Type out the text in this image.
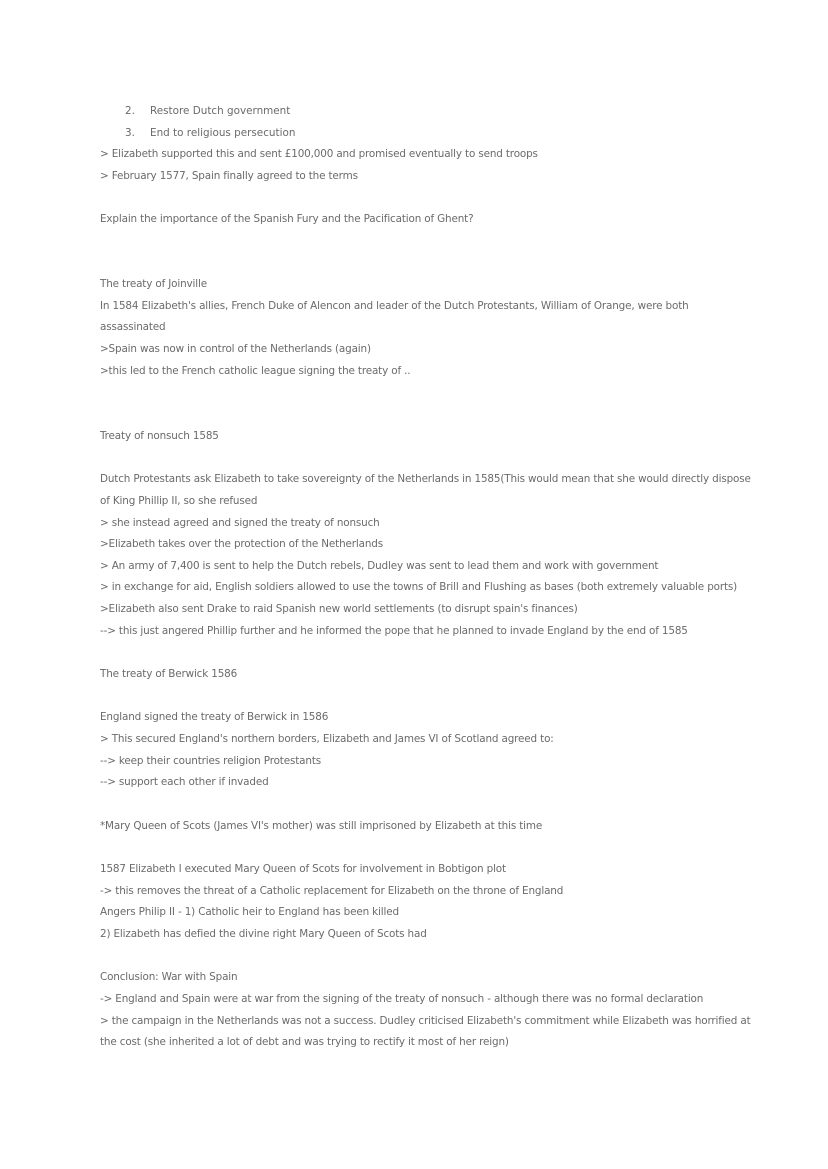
2. Restore Dutch government
3. End to religious persecution
> Elizabeth supported this and sent £100,000 and promised eventually to send troops
> February 1577, Spain finally agreed to the terms
Explain the importance of the Spanish Fury and the Pacification of Ghent?
The treaty of Joinville
In 1584 Elizabeth's allies, French Duke of Alencon and leader of the Dutch Protestants, William of Orange, were both
assassinated
>Spain was now in control of the Netherlands (again)
>this led to the French catholic league signing the treaty of ..
Treaty of nonsuch 1585
Dutch Protestants ask Elizabeth to take sovereignty of the Netherlands in 1585(This would mean that she would directly dispose
of King Phillip II, so she refused
> she instead agreed and signed the treaty of nonsuch
>Elizabeth takes over the protection of the Netherlands
> An army of 7,400 is sent to help the Dutch rebels, Dudley was sent to lead them and work with government
> in exchange for aid, English soldiers allowed to use the towns of Brill and Flushing as bases (both extremely valuable ports)
>Elizabeth also sent Drake to raid Spanish new world settlements (to disrupt spain's finances)
--> this just angered Phillip further and he informed the pope that he planned to invade England by the end of 1585
The treaty of Berwick 1586
England signed the treaty of Berwick in 1586
> This secured England's northern borders, Elizabeth and James VI of Scotland agreed to:
--> keep their countries religion Protestants
--> support each other if invaded
*Mary Queen of Scots (James VI's mother) was still imprisoned by Elizabeth at this time
1587 Elizabeth I executed Mary Queen of Scots for involvement in Bobtigon plot
-> this removes the threat of a Catholic replacement for Elizabeth on the throne of England
Angers Philip II - 1) Catholic heir to England has been killed
2) Elizabeth has defied the divine right Mary Queen of Scots had
Conclusion: War with Spain
-> England and Spain were at war from the signing of the treaty of nonsuch - although there was no formal declaration
> the campaign in the Netherlands was not a success. Dudley criticised Elizabeth's commitment while Elizabeth was horrified at
the cost (she inherited a lot of debt and was trying to rectify it most of her reign)
